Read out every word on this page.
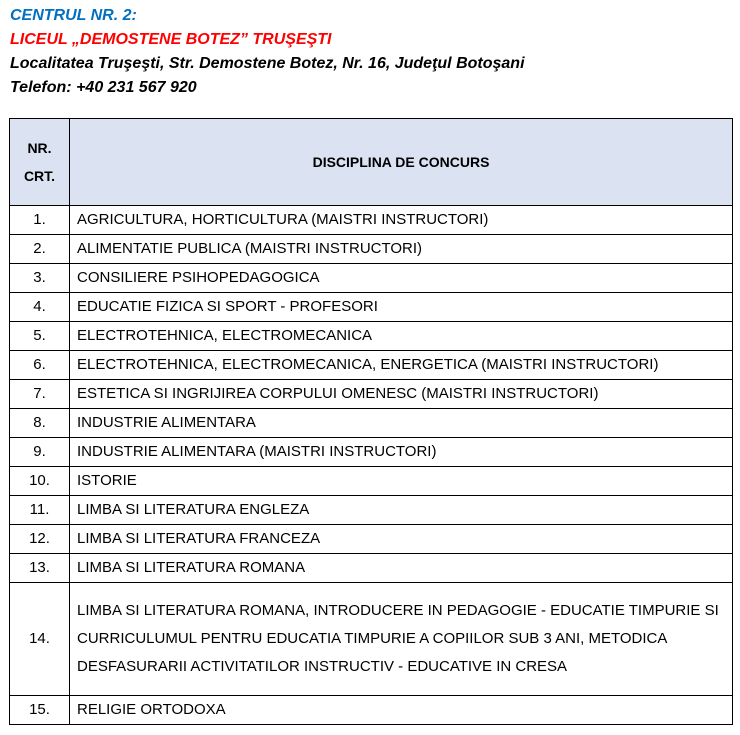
CENTRUL NR. 2:
LICEUL „DEMOSTENE BOTEZ” TRUŞEŞTI
Localitatea Truşeşti, Str. Demostene Botez, Nr. 16, Judeţul Botoşani
Telefon: +40 231 567 920
NR.
CRT.	DISCIPLINA DE CONCURS
1.	AGRICULTURA, HORTICULTURA (MAISTRI INSTRUCTORI)
2.	ALIMENTATIE PUBLICA (MAISTRI INSTRUCTORI)
3.	CONSILIERE PSIHOPEDAGOGICA
4.	EDUCATIE FIZICA SI SPORT - PROFESORI
5.	ELECTROTEHNICA, ELECTROMECANICA
6.	ELECTROTEHNICA, ELECTROMECANICA, ENERGETICA (MAISTRI INSTRUCTORI)
7.	ESTETICA SI INGRIJIREA CORPULUI OMENESC (MAISTRI INSTRUCTORI)
8.	INDUSTRIE ALIMENTARA
9.	INDUSTRIE ALIMENTARA (MAISTRI INSTRUCTORI)
10.	ISTORIE
11.	LIMBA SI LITERATURA ENGLEZA
12.	LIMBA SI LITERATURA FRANCEZA
13.	LIMBA SI LITERATURA ROMANA
14.	LIMBA SI LITERATURA ROMANA, INTRODUCERE IN PEDAGOGIE - EDUCATIE TIMPURIE SI CURRICULUMUL PENTRU EDUCATIA TIMPURIE A COPIILOR SUB 3 ANI, METODICA DESFASURARII ACTIVITATILOR INSTRUCTIV - EDUCATIVE IN CRESA
15.	RELIGIE ORTODOXA
